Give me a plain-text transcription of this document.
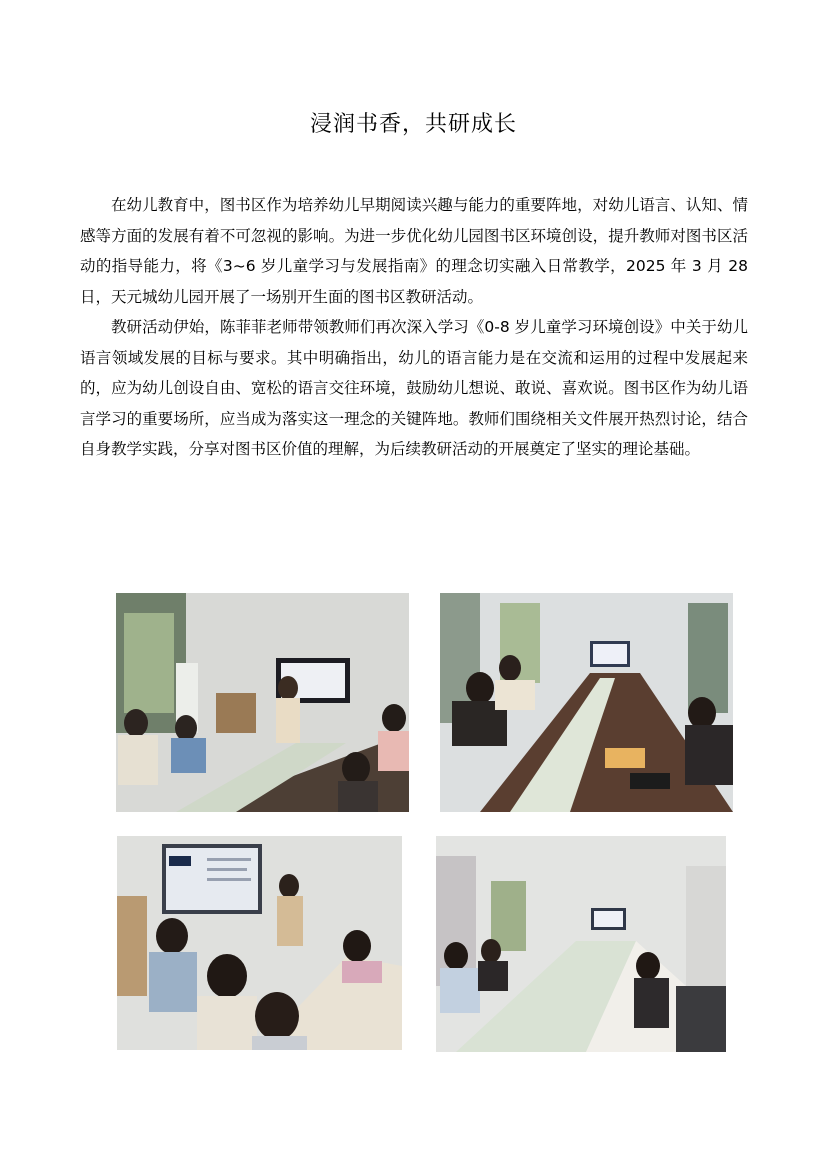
浸润书香，共研成长

在幼儿教育中，图书区作为培养幼儿早期阅读兴趣与能力的重要阵地，对幼儿语言、认知、情感等方面的发展有着不可忽视的影响。为进一步优化幼儿园图书区环境创设，提升教师对图书区活动的指导能力，将《3~6 岁儿童学习与发展指南》的理念切实融入日常教学，2025 年 3 月 28 日，天元城幼儿园开展了一场别开生面的图书区教研活动。

教研活动伊始，陈菲菲老师带领教师们再次深入学习《0-8 岁儿童学习环境创设》中关于幼儿语言领域发展的目标与要求。其中明确指出，幼儿的语言能力是在交流和运用的过程中发展起来的，应为幼儿创设自由、宽松的语言交往环境，鼓励幼儿想说、敢说、喜欢说。图书区作为幼儿语言学习的重要场所，应当成为落实这一理念的关键阵地。教师们围绕相关文件展开热烈讨论，结合自身教学实践，分享对图书区价值的理解，为后续教研活动的开展奠定了坚实的理论基础。
